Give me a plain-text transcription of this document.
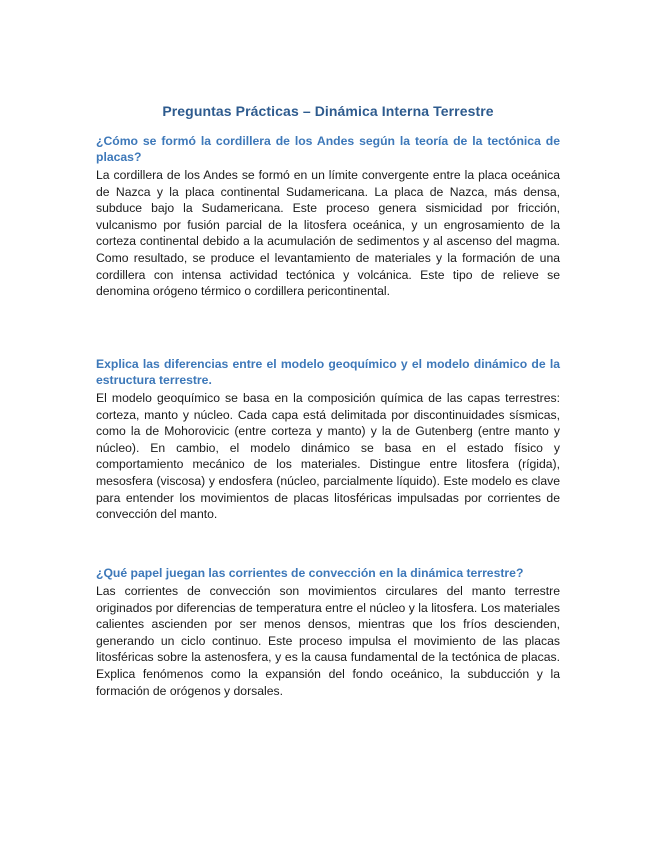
Preguntas Prácticas – Dinámica Interna Terrestre

¿Cómo se formó la cordillera de los Andes según la teoría de la tectónica de placas?

La cordillera de los Andes se formó en un límite convergente entre la placa oceánica de Nazca y la placa continental Sudamericana. La placa de Nazca, más densa, subduce bajo la Sudamericana. Este proceso genera sismicidad por fricción, vulcanismo por fusión parcial de la litosfera oceánica, y un engrosamiento de la corteza continental debido a la acumulación de sedimentos y al ascenso del magma. Como resultado, se produce el levantamiento de materiales y la formación de una cordillera con intensa actividad tectónica y volcánica. Este tipo de relieve se denomina orógeno térmico o cordillera pericontinental.

Explica las diferencias entre el modelo geoquímico y el modelo dinámico de la estructura terrestre.

El modelo geoquímico se basa en la composición química de las capas terrestres: corteza, manto y núcleo. Cada capa está delimitada por discontinuidades sísmicas, como la de Mohorovicic (entre corteza y manto) y la de Gutenberg (entre manto y núcleo). En cambio, el modelo dinámico se basa en el estado físico y comportamiento mecánico de los materiales. Distingue entre litosfera (rígida), mesosfera (viscosa) y endosfera (núcleo, parcialmente líquido). Este modelo es clave para entender los movimientos de placas litosféricas impulsadas por corrientes de convección del manto.

¿Qué papel juegan las corrientes de convección en la dinámica terrestre?

Las corrientes de convección son movimientos circulares del manto terrestre originados por diferencias de temperatura entre el núcleo y la litosfera. Los materiales calientes ascienden por ser menos densos, mientras que los fríos descienden, generando un ciclo continuo. Este proceso impulsa el movimiento de las placas litosféricas sobre la astenosfera, y es la causa fundamental de la tectónica de placas. Explica fenómenos como la expansión del fondo oceánico, la subducción y la formación de orógenos y dorsales.
